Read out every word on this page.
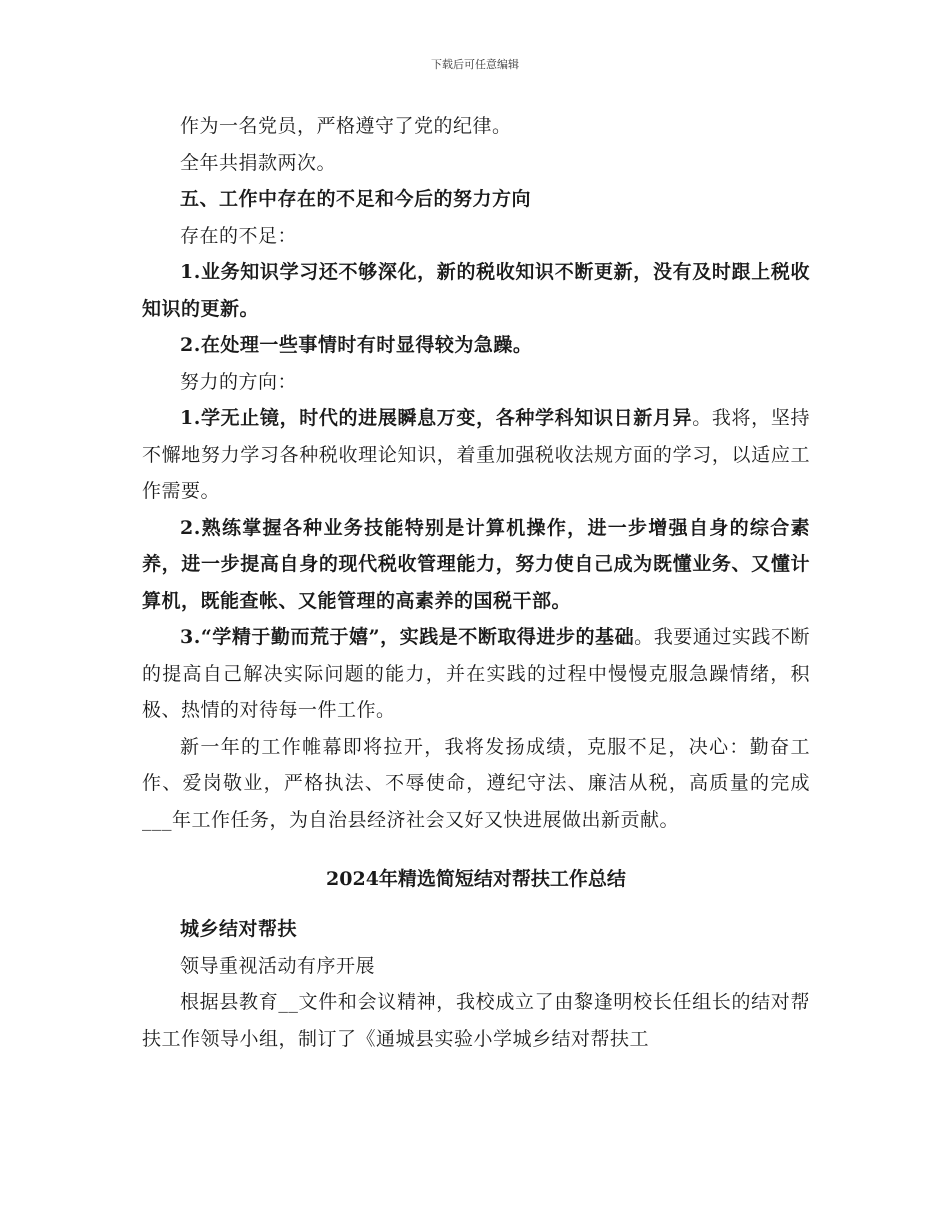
下载后可任意编辑

作为一名党员，严格遵守了党的纪律。

全年共捐款两次。

五、工作中存在的不足和今后的努力方向

存在的不足：

1.业务知识学习还不够深化，新的税收知识不断更新，没有及时跟上税收知识的更新。

2.在处理一些事情时有时显得较为急躁。

努力的方向：

1.学无止镜，时代的进展瞬息万变，各种学科知识日新月异。我将，坚持不懈地努力学习各种税收理论知识，着重加强税收法规方面的学习，以适应工作需要。

2.熟练掌握各种业务技能特别是计算机操作，进一步增强自身的综合素养，进一步提高自身的现代税收管理能力，努力使自己成为既懂业务、又懂计算机，既能查帐、又能管理的高素养的国税干部。

3.“学精于勤而荒于嬉”，实践是不断取得进步的基础。我要通过实践不断的提高自己解决实际问题的能力，并在实践的过程中慢慢克服急躁情绪，积极、热情的对待每一件工作。

新一年的工作帷幕即将拉开，我将发扬成绩，克服不足，决心：勤奋工作、爱岗敬业，严格执法、不辱使命，遵纪守法、廉洁从税，高质量的完成___年工作任务，为自治县经济社会又好又快进展做出新贡献。

2024年精选简短结对帮扶工作总结

城乡结对帮扶

领导重视活动有序开展

根据县教育__文件和会议精神，我校成立了由黎逢明校长任组长的结对帮扶工作领导小组，制订了《通城县实验小学城乡结对帮扶工
